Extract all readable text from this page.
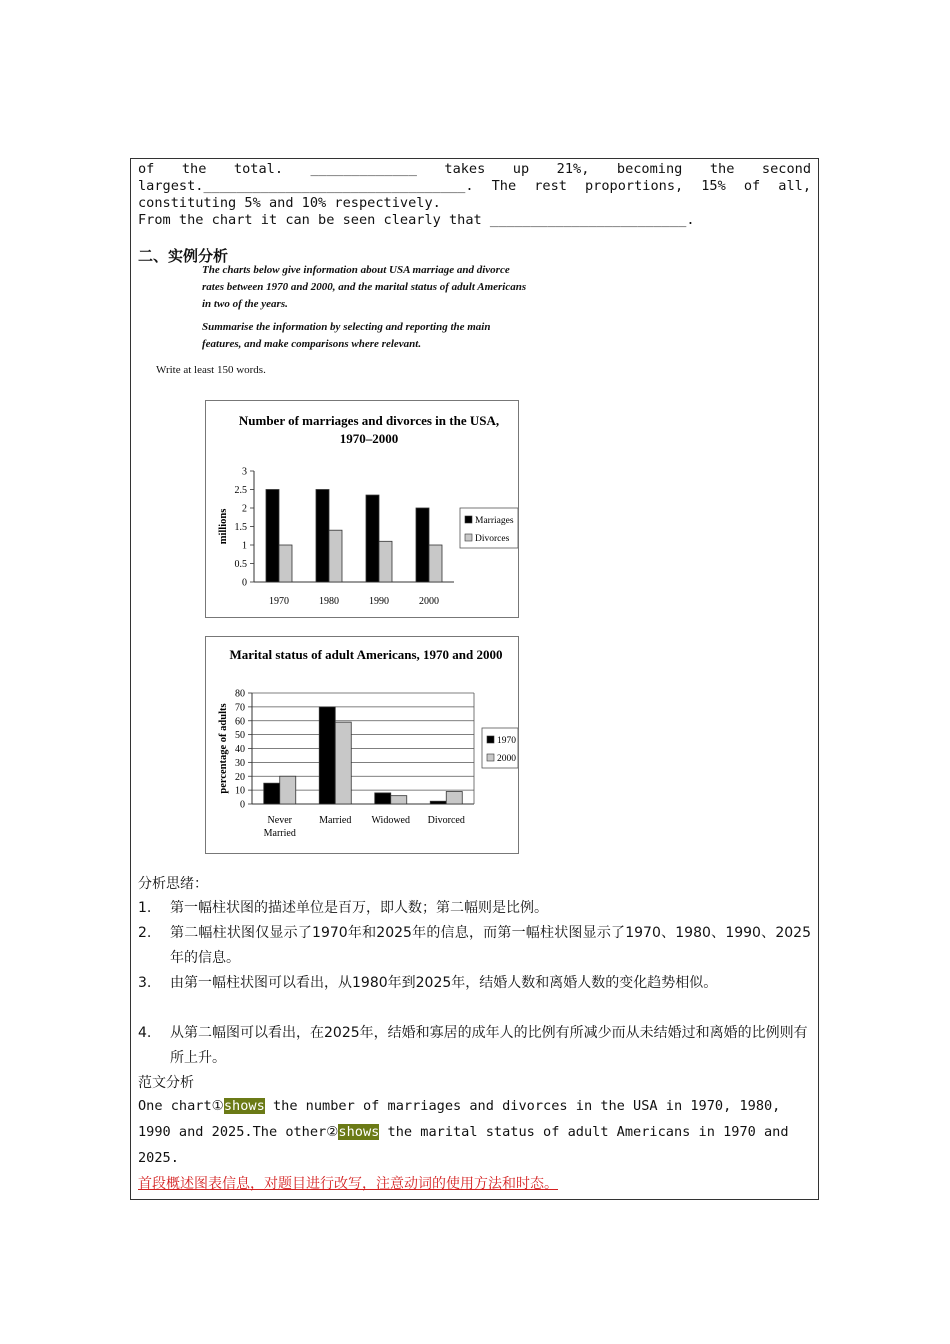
of the total. _____________ takes up 21%, becoming the second
largest.________________________________. The rest proportions, 15% of all,
constituting 5% and 10% respectively.
From the chart it can be seen clearly that ________________________.
二、实例分析

The charts below give information about USA marriage and divorce rates between 1970 and 2000, and the marital status of adult Americans in two of the years.

Summarise the information by selecting and reporting the main features, and make comparisons where relevant.

Write at least 150 words.
Number of marriages and divorces in the USA,
1970–2000
0
0.5
1
1.5
2
2.5
3
millions
1970	1980	1990	2000
Marriages
Divorces
Marital status of adult Americans, 1970 and 2000
0
10
20
30
40
50
60
70
80
percentage of adults
Never
Married
Married Widowed Divorced
1970
2000
分析思绪：
1. 第一幅柱状图的描述单位是百万，即人数；第二幅则是比例。
2. 第二幅柱状图仅显示了1970年和2025年的信息，而第一幅柱状图显示了1970、1980、1990、2025年的信息。
3. 由第一幅柱状图可以看出，从1980年到2025年，结婚人数和离婚人数的变化趋势相似。
4. 从第二幅图可以看出，在2025年，结婚和寡居的成年人的比例有所减少而从未结婚过和离婚的比例则有所上升。
范文分析
One chart①shows the number of marriages and divorces in the USA in 1970, 1980,
1990 and 2025.The other②shows the marital status of adult Americans in 1970 and
2025.
首段概述图表信息，对题目进行改写，注意动词的使用方法和时态。
